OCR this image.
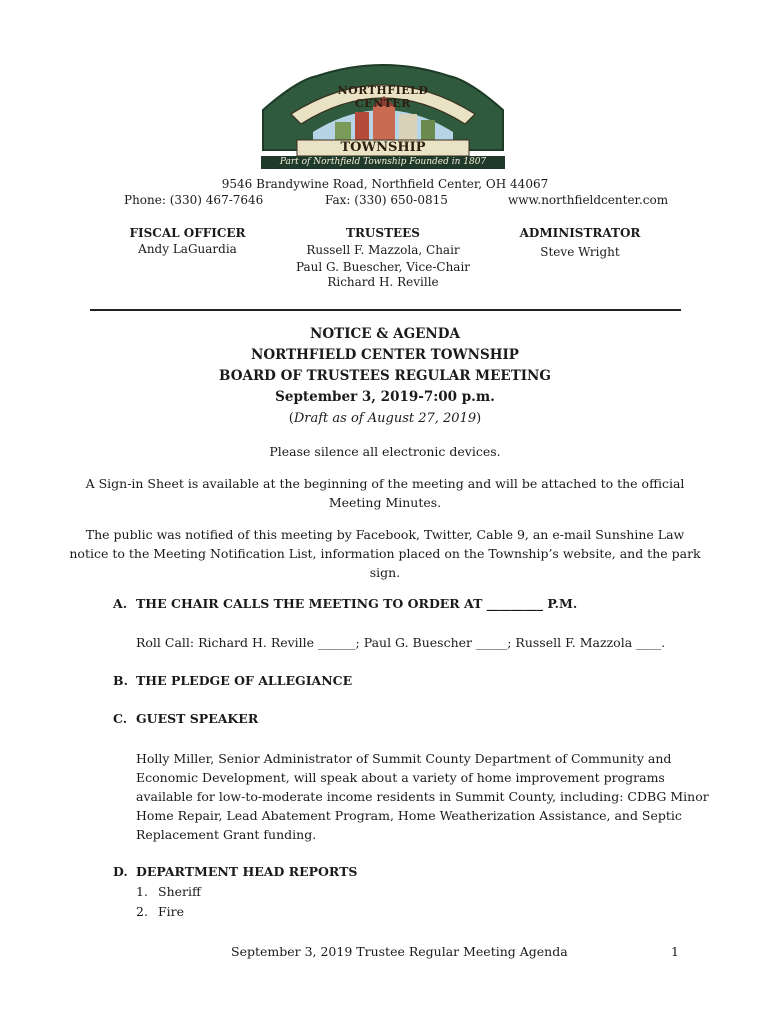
NORTHFIELD CENTER
TOWNSHIP
Part of Northfield Township Founded in 1807
9546 Brandywine Road, Northfield Center, OH 44067
Phone: (330) 467-7646	Fax: (330) 650-0815	www.northfieldcenter.com
FISCAL OFFICER
Andy LaGuardia
TRUSTEES
Russell F. Mazzola, Chair
Paul G. Buescher, Vice-Chair
Richard H. Reville
ADMINISTRATOR
Steve Wright
NOTICE & AGENDA
NORTHFIELD CENTER TOWNSHIP
BOARD OF TRUSTEES REGULAR MEETING
September 3, 2019-7:00 p.m.
(Draft as of August 27, 2019)
Please silence all electronic devices.
A Sign-in Sheet is available at the beginning of the meeting and will be attached to the official
Meeting Minutes.
The public was notified of this meeting by Facebook, Twitter, Cable 9, an e-mail Sunshine Law
notice to the Meeting Notification List, information placed on the Township’s website, and the park
sign.
A. THE CHAIR CALLS THE MEETING TO ORDER AT _________ P.M.
Roll Call: Richard H. Reville ______; Paul G. Buescher _____; Russell F. Mazzola ____.
B. THE PLEDGE OF ALLEGIANCE
C. GUEST SPEAKER
Holly Miller, Senior Administrator of Summit County Department of Community and
Economic Development, will speak about a variety of home improvement programs
available for low-to-moderate income residents in Summit County, including: CDBG Minor
Home Repair, Lead Abatement Program, Home Weatherization Assistance, and Septic
Replacement Grant funding.
D. DEPARTMENT HEAD REPORTS
1. Sheriff
2. Fire
September 3, 2019 Trustee Regular Meeting Agenda	1
